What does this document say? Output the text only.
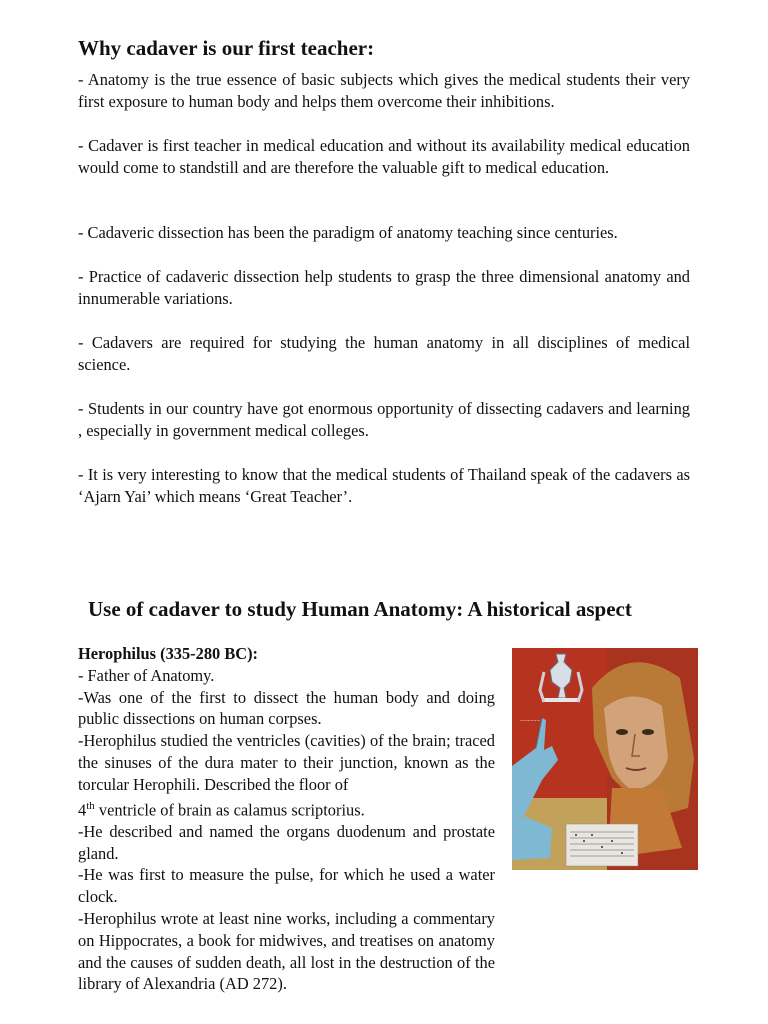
Why cadaver is our first teacher:

- Anatomy is the true essence of basic subjects which gives the medical students their very first exposure to human body and helps them overcome their inhibitions.

- Cadaver is first teacher in medical education and without its availability medical education would come to standstill and are therefore the valuable gift to medical education.

- Cadaveric dissection has been the paradigm of anatomy teaching since centuries.

- Practice of cadaveric dissection help students to grasp the three dimensional anatomy and innumerable variations.

- Cadavers are required for studying the human anatomy in all disciplines of medical science.

- Students in our country have got enormous opportunity of dissecting cadavers and learning , especially in government medical colleges.

- It is very interesting to know that the medical students of Thailand speak of the cadavers as ‘Ajarn Yai’ which means ‘Great Teacher’.

Use of cadaver to study Human Anatomy: A historical aspect
Herophilus (335-280 BC):
- Father of Anatomy.
-Was one of the first to dissect the human body and doing public dissections on human corpses.
-Herophilus studied the ventricles (cavities) of the brain; traced the sinuses of the dura mater to their junction, known as the torcular Herophili. Described the floor of
4th ventricle of brain as calamus scriptorius.
-He described and named the organs duodenum and prostate gland.
-He was first to measure the pulse, for which he used a water clock.
-Herophilus wrote at least nine works, including a commentary on Hippocrates, a book for midwives, and treatises on anatomy and the causes of sudden death, all lost in the destruction of the library of Alexandria (AD 272).
~~~~~~
